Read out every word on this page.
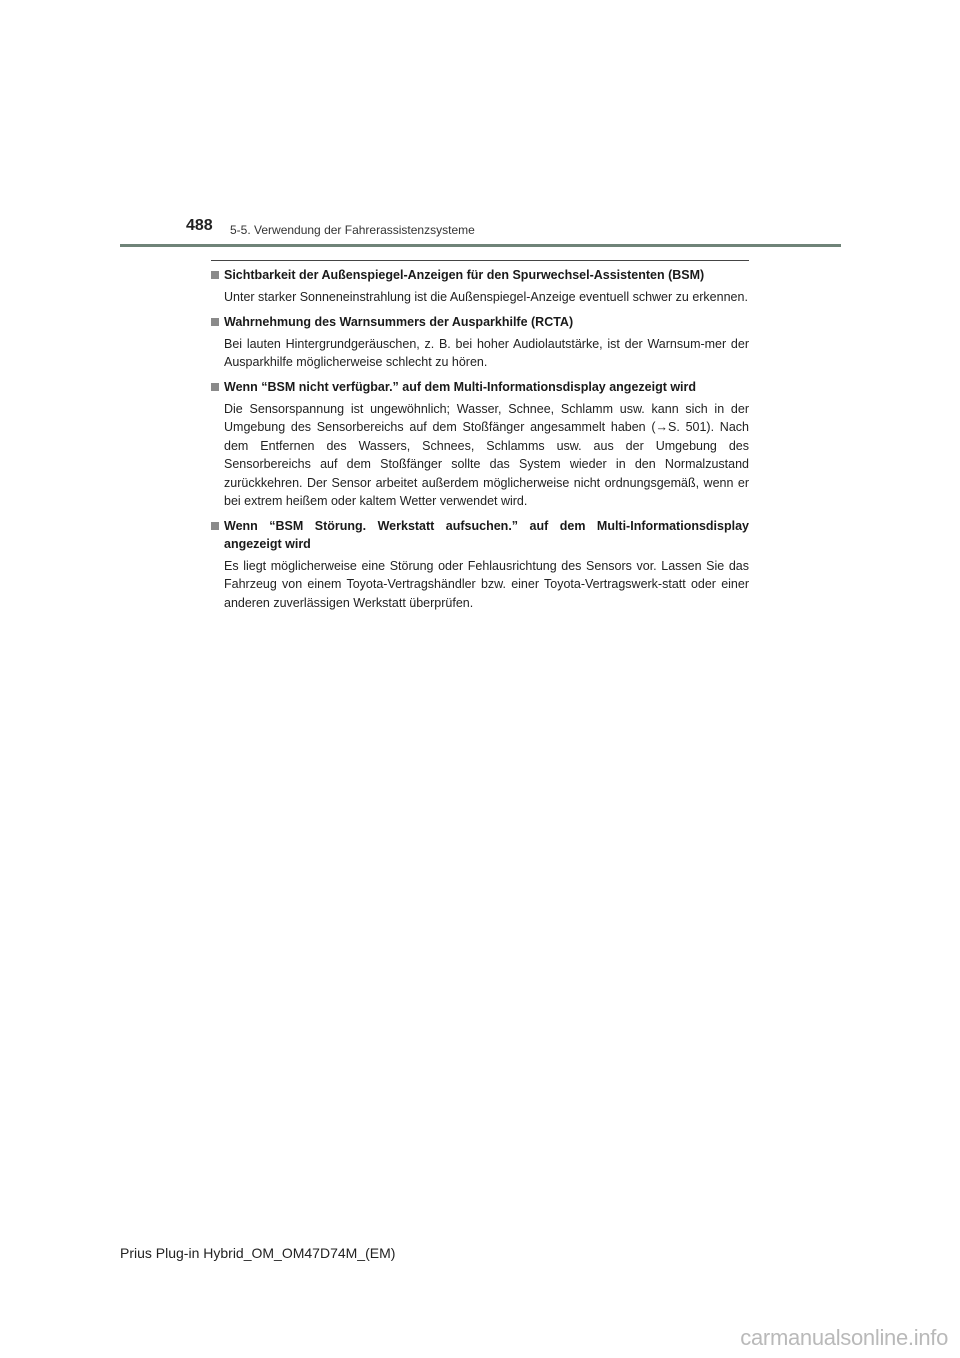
488 5-5. Verwendung der Fahrerassistenzsysteme
Sichtbarkeit der Außenspiegel-Anzeigen für den Spurwechsel-Assistenten (BSM)
Unter starker Sonneneinstrahlung ist die Außenspiegel-Anzeige eventuell schwer zu erkennen.
Wahrnehmung des Warnsummers der Ausparkhilfe (RCTA)
Bei lauten Hintergrundgeräuschen, z. B. bei hoher Audiolautstärke, ist der Warnsum-mer der Ausparkhilfe möglicherweise schlecht zu hören.
Wenn “BSM nicht verfügbar.” auf dem Multi-Informationsdisplay angezeigt wird
Die Sensorspannung ist ungewöhnlich; Wasser, Schnee, Schlamm usw. kann sich in der Umgebung des Sensorbereichs auf dem Stoßfänger angesammelt haben (→S. 501). Nach dem Entfernen des Wassers, Schnees, Schlamms usw. aus der Umgebung des Sensorbereichs auf dem Stoßfänger sollte das System wieder in den Normalzustand zurückkehren. Der Sensor arbeitet außerdem möglicherweise nicht ordnungsgemäß, wenn er bei extrem heißem oder kaltem Wetter verwendet wird.
Wenn “BSM Störung. Werkstatt aufsuchen.” auf dem Multi-Informationsdisplay angezeigt wird
Es liegt möglicherweise eine Störung oder Fehlausrichtung des Sensors vor. Lassen Sie das Fahrzeug von einem Toyota-Vertragshändler bzw. einer Toyota-Vertragswerk-statt oder einer anderen zuverlässigen Werkstatt überprüfen.
Prius Plug-in Hybrid_OM_OM47D74M_(EM)
carmanualsonline.info
